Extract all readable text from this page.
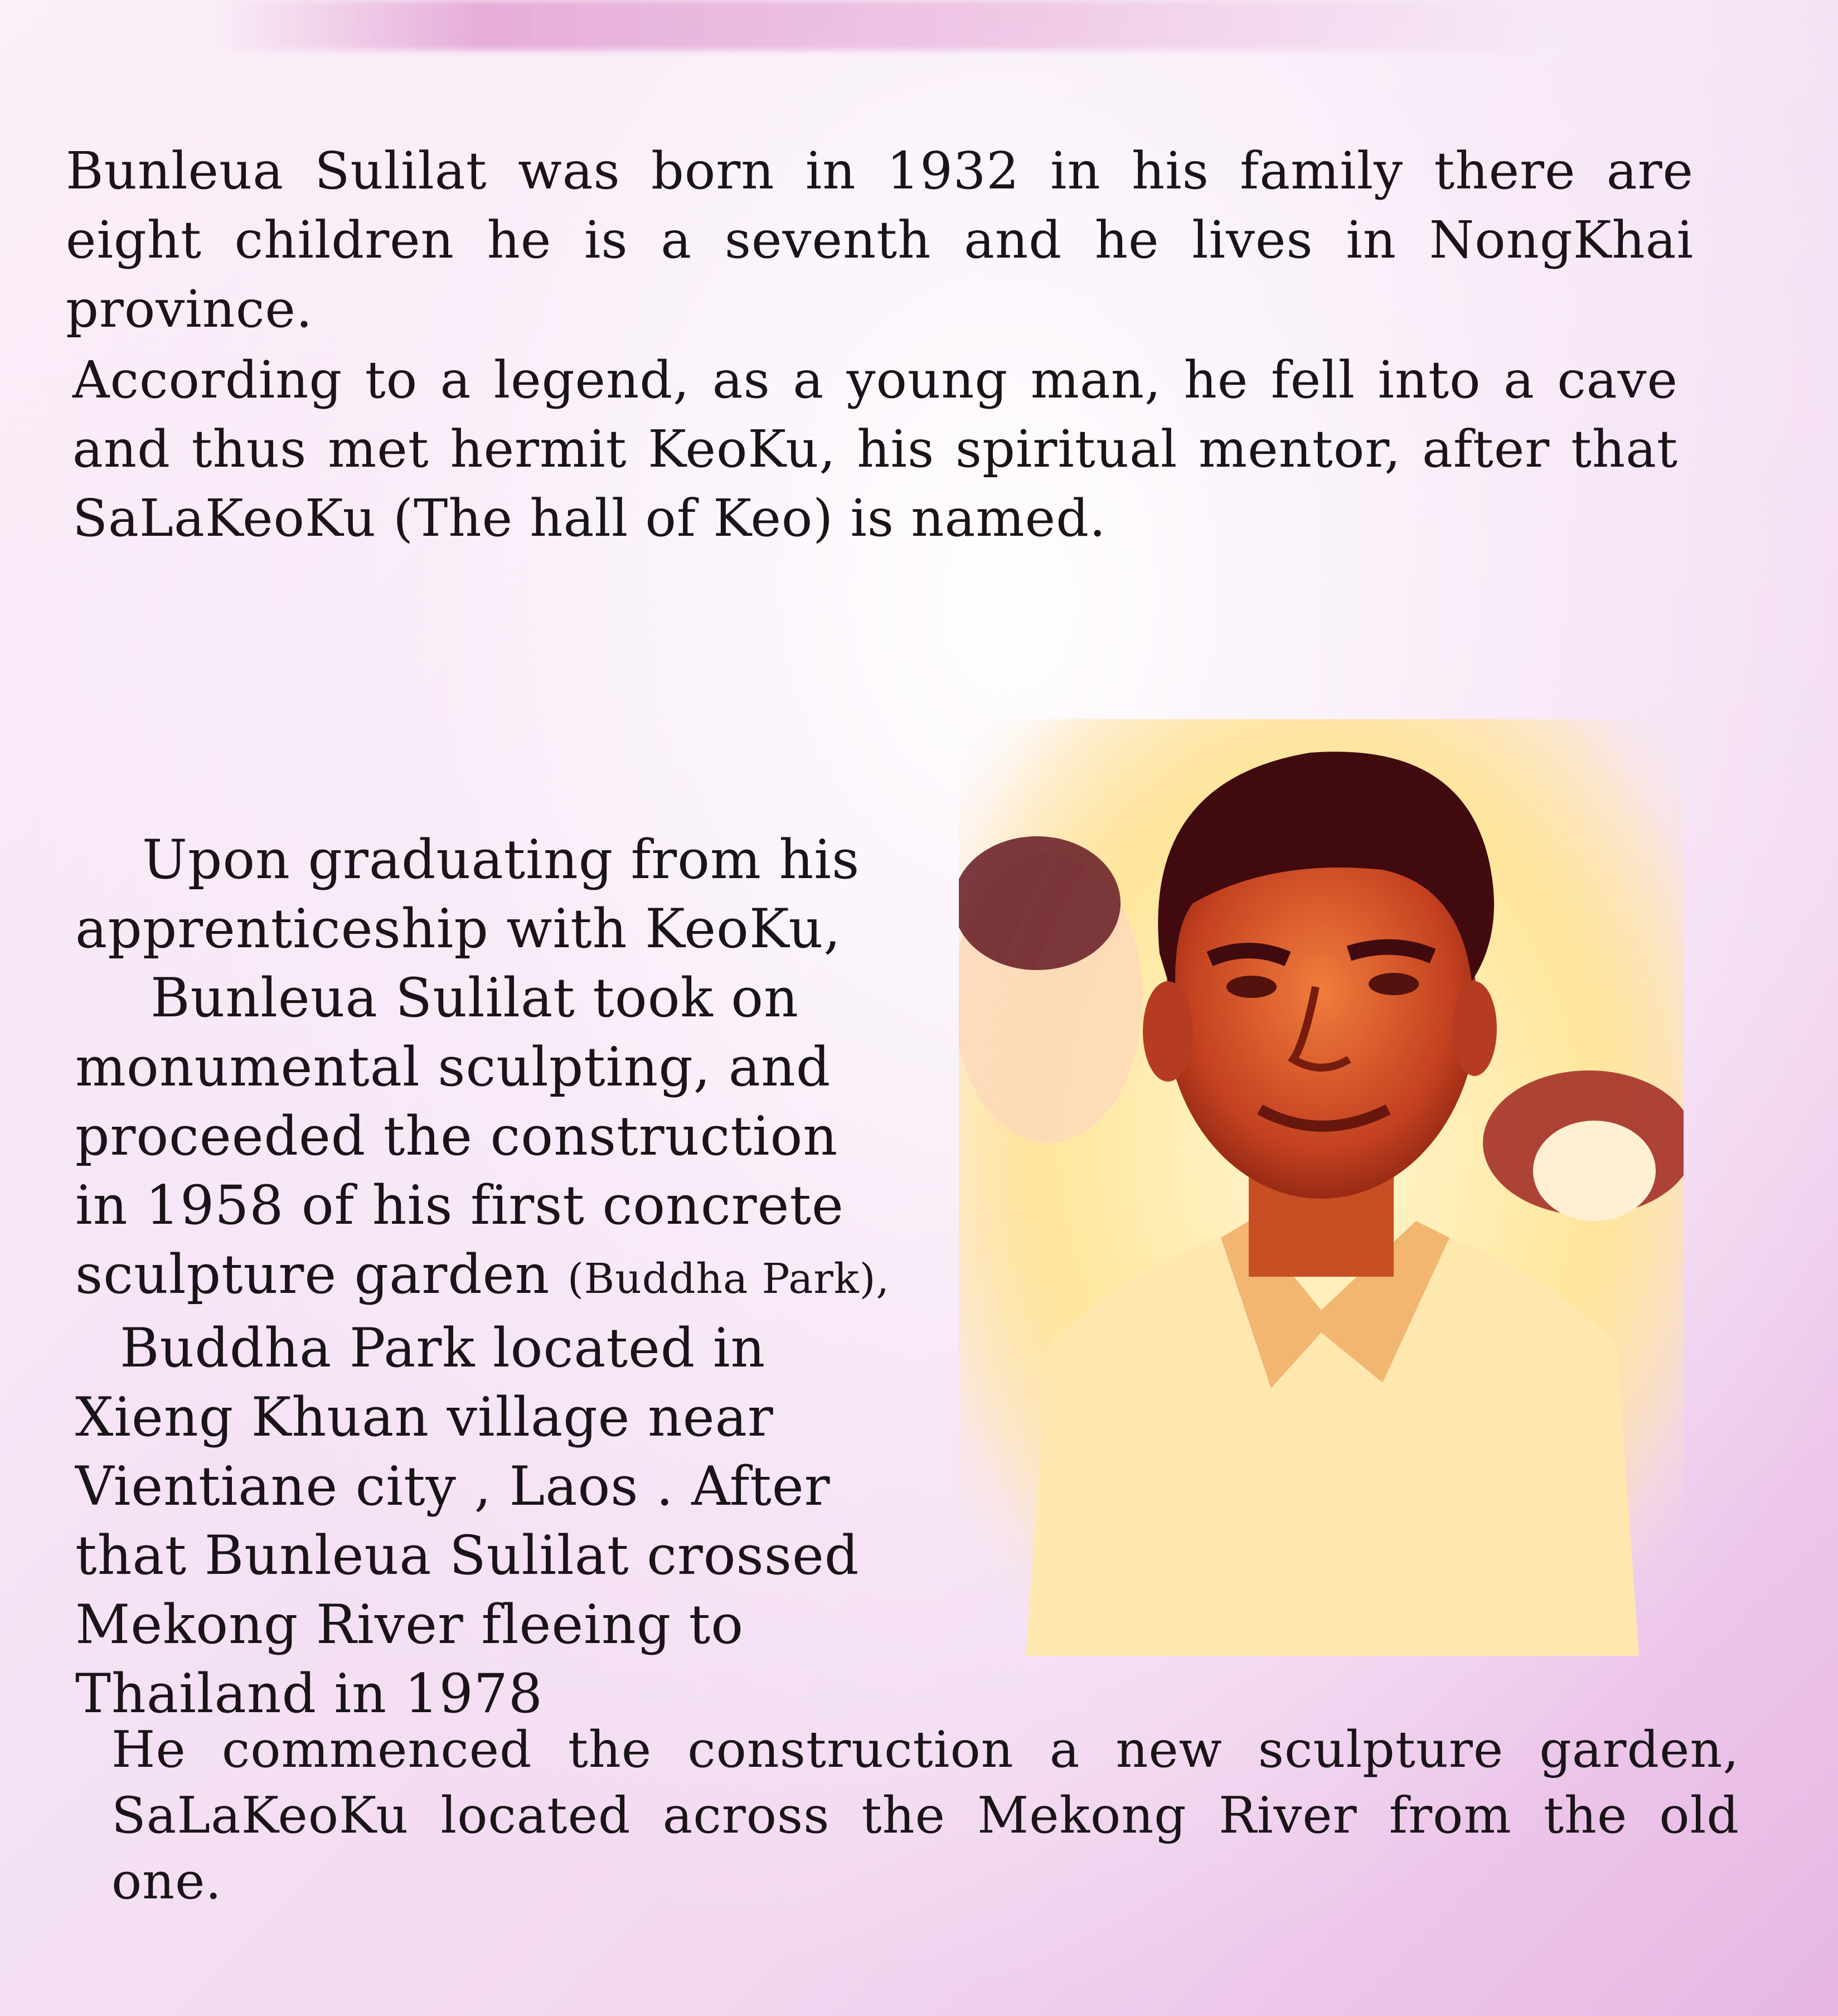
Bunleua Sulilat was born in 1932 in his family there are eight children he is a seventh and he lives in NongKhai province.

According to a legend, as a young man, he fell into a cave and thus met hermit KeoKu, his spiritual mentor, after that SaLaKeoKu (The hall of Keo) is named.

Upon graduating from his
apprenticeship with KeoKu,
Bunleua Sulilat took on
monumental sculpting, and
proceeded the construction
in 1958 of his first concrete
sculpture garden (Buddha Park),
Buddha Park located in
Xieng Khuan village near
Vientiane city , Laos . After
that Bunleua Sulilat crossed
Mekong River fleeing to
Thailand in 1978

He commenced the construction a new sculpture garden, SaLaKeoKu located across the Mekong River from the old one.
